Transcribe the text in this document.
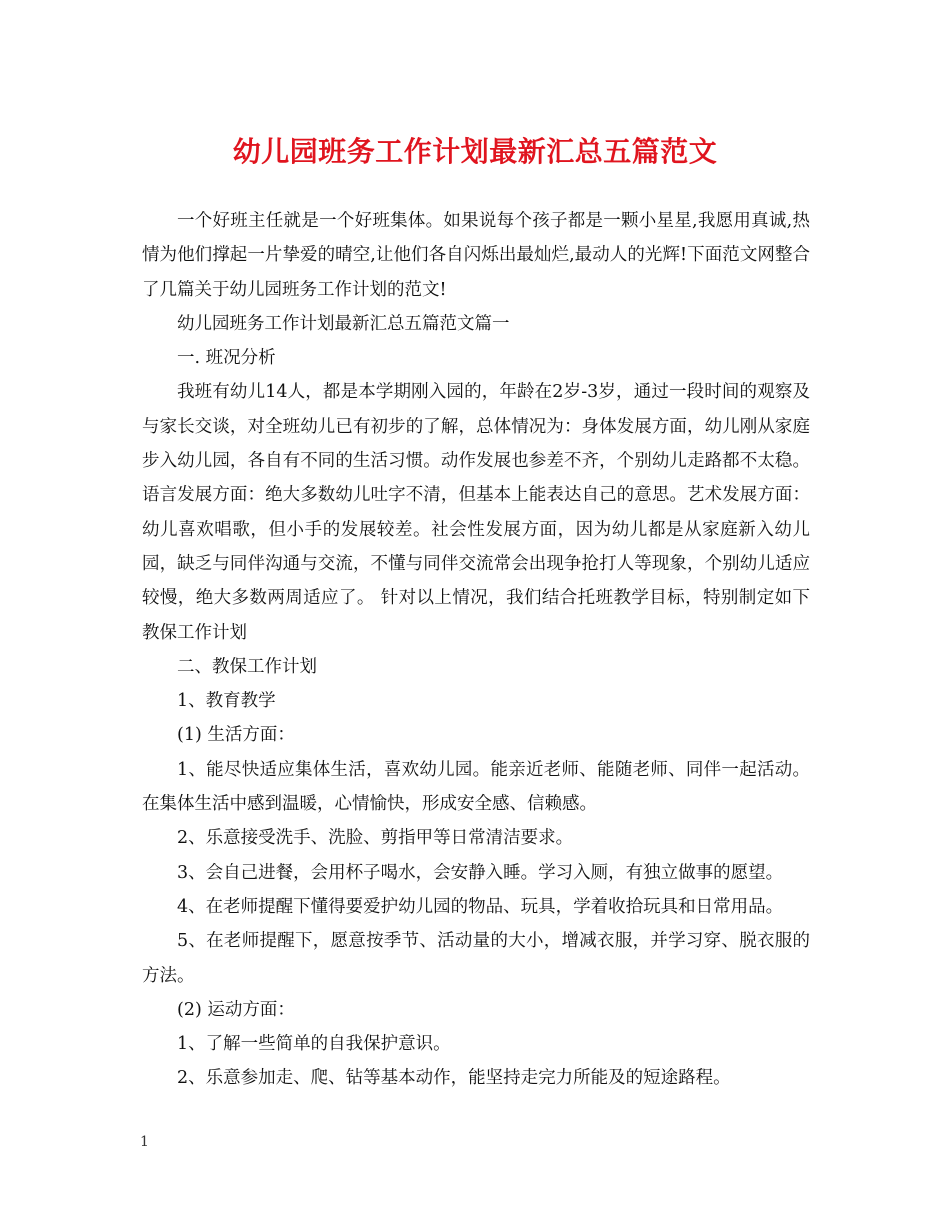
幼儿园班务工作计划最新汇总五篇范文

一个好班主任就是一个好班集体。如果说每个孩子都是一颗小星星,我愿用真诚,热情为他们撑起一片挚爱的晴空,让他们各自闪烁出最灿烂,最动人的光辉!下面范文网整合了几篇关于幼儿园班务工作计划的范文!

幼儿园班务工作计划最新汇总五篇范文篇一

一. 班况分析

我班有幼儿14人，都是本学期刚入园的，年龄在2岁-3岁，通过一段时间的观察及与家长交谈，对全班幼儿已有初步的了解，总体情况为：身体发展方面，幼儿刚从家庭步入幼儿园，各自有不同的生活习惯。动作发展也参差不齐，个别幼儿走路都不太稳。语言发展方面：绝大多数幼儿吐字不清，但基本上能表达自己的意思。艺术发展方面：幼儿喜欢唱歌，但小手的发展较差。社会性发展方面，因为幼儿都是从家庭新入幼儿园，缺乏与同伴沟通与交流，不懂与同伴交流常会出现争抢打人等现象，个别幼儿适应较慢，绝大多数两周适应了。 针对以上情况，我们结合托班教学目标，特别制定如下教保工作计划

二、教保工作计划

1、教育教学

(1) 生活方面：

1、能尽快适应集体生活，喜欢幼儿园。能亲近老师、能随老师、同伴一起活动。在集体生活中感到温暖，心情愉快，形成安全感、信赖感。

2、乐意接受洗手、洗脸、剪指甲等日常清洁要求。

3、会自己进餐，会用杯子喝水，会安静入睡。学习入厕，有独立做事的愿望。

4、在老师提醒下懂得要爱护幼儿园的物品、玩具，学着收拾玩具和日常用品。

5、在老师提醒下，愿意按季节、活动量的大小，增减衣服，并学习穿、脱衣服的方法。

(2) 运动方面：

1、了解一些简单的自我保护意识。

2、乐意参加走、爬、钻等基本动作，能坚持走完力所能及的短途路程。

1
